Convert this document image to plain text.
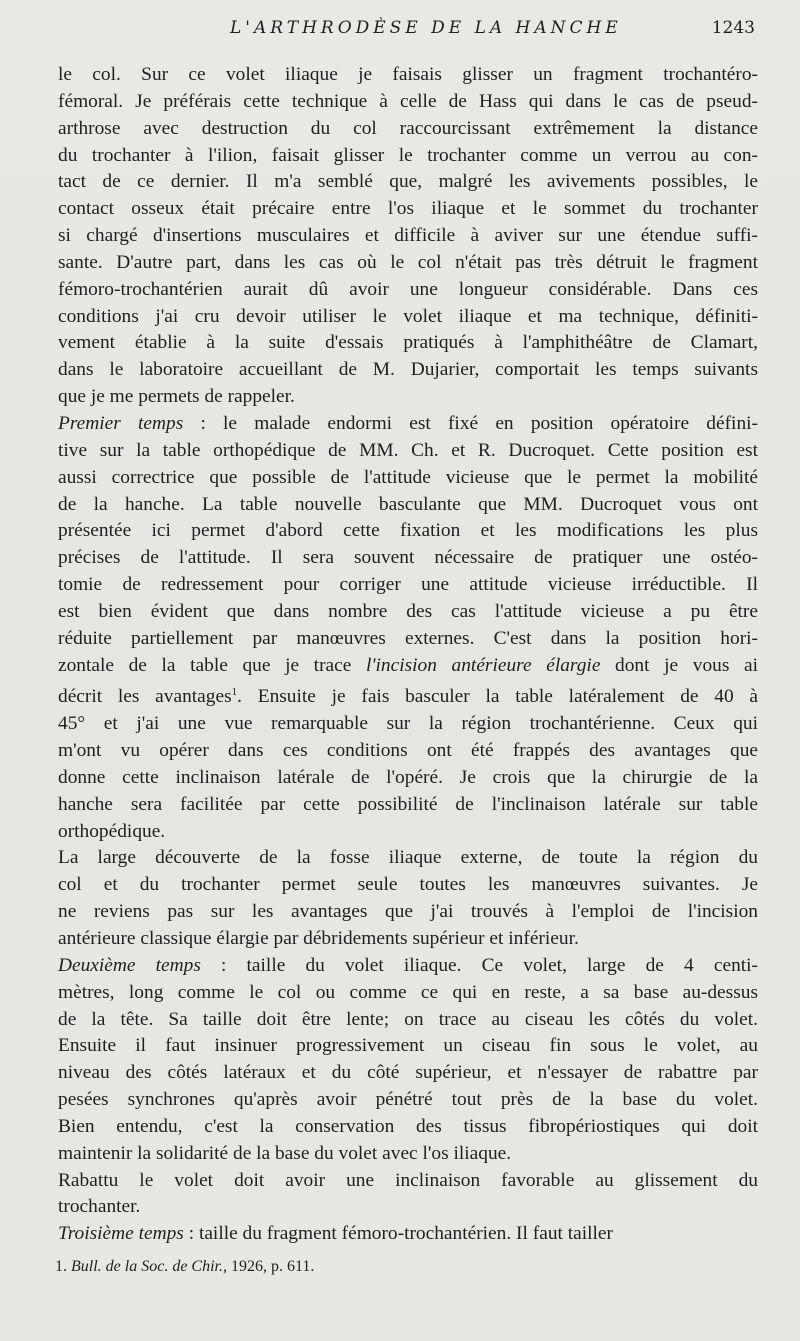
L'ARTHRODÈSE DE LA HANCHE	1243
le col. Sur ce volet iliaque je faisais glisser un fragment trochantéro-
fémoral. Je préférais cette technique à celle de Hass qui dans le cas de pseud-
arthrose avec destruction du col raccourcissant extrêmement la distance
du trochanter à l'ilion, faisait glisser le trochanter comme un verrou au con-
tact de ce dernier. Il m'a semblé que, malgré les avivements possibles, le
contact osseux était précaire entre l'os iliaque et le sommet du trochanter
si chargé d'insertions musculaires et difficile à aviver sur une étendue suffi-
sante. D'autre part, dans les cas où le col n'était pas très détruit le fragment
fémoro-trochantérien aurait dû avoir une longueur considérable. Dans ces
conditions j'ai cru devoir utiliser le volet iliaque et ma technique, définiti-
vement établie à la suite d'essais pratiqués à l'amphithéâtre de Clamart,
dans le laboratoire accueillant de M. Dujarier, comportait les temps suivants
que je me permets de rappeler.
Premier temps : le malade endormi est fixé en position opératoire défini-
tive sur la table orthopédique de MM. Ch. et R. Ducroquet. Cette position est
aussi correctrice que possible de l'attitude vicieuse que le permet la mobilité
de la hanche. La table nouvelle basculante que MM. Ducroquet vous ont
présentée ici permet d'abord cette fixation et les modifications les plus
précises de l'attitude. Il sera souvent nécessaire de pratiquer une ostéo-
tomie de redressement pour corriger une attitude vicieuse irréductible. Il
est bien évident que dans nombre des cas l'attitude vicieuse a pu être
réduite partiellement par manœuvres externes. C'est dans la position hori-
zontale de la table que je trace l'incision antérieure élargie dont je vous ai
décrit les avantages$^1$. Ensuite je fais basculer la table latéralement de 40 à
45° et j'ai une vue remarquable sur la région trochantérienne. Ceux qui
m'ont vu opérer dans ces conditions ont été frappés des avantages que
donne cette inclinaison latérale de l'opéré. Je crois que la chirurgie de la
hanche sera facilitée par cette possibilité de l'inclinaison latérale sur table
orthopédique.
La large découverte de la fosse iliaque externe, de toute la région du
col et du trochanter permet seule toutes les manœuvres suivantes. Je
ne reviens pas sur les avantages que j'ai trouvés à l'emploi de l'incision
antérieure classique élargie par débridements supérieur et inférieur.
Deuxième temps : taille du volet iliaque. Ce volet, large de 4 centi-
mètres, long comme le col ou comme ce qui en reste, a sa base au-dessus
de la tête. Sa taille doit être lente; on trace au ciseau les côtés du volet.
Ensuite il faut insinuer progressivement un ciseau fin sous le volet, au
niveau des côtés latéraux et du côté supérieur, et n'essayer de rabattre par
pesées synchrones qu'après avoir pénétré tout près de la base du volet.
Bien entendu, c'est la conservation des tissus fibropériostiques qui doit
maintenir la solidarité de la base du volet avec l'os iliaque.
Rabattu le volet doit avoir une inclinaison favorable au glissement du
trochanter.
Troisième temps : taille du fragment fémoro-trochantérien. Il faut tailler
1. Bull. de la Soc. de Chir., 1926, p. 611.
